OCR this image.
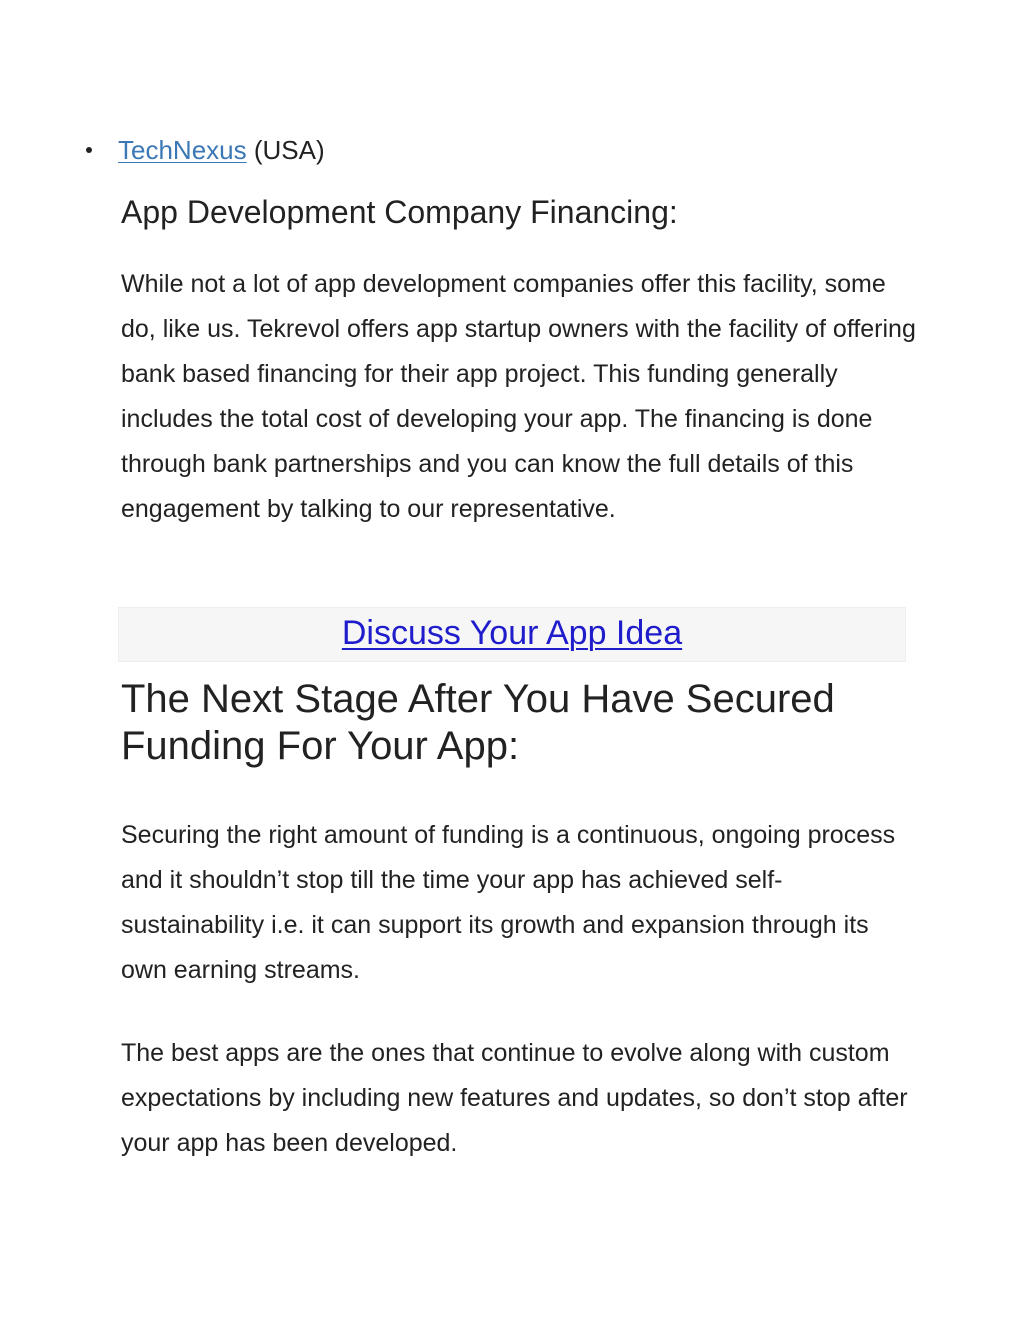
TechNexus (USA)
App Development Company Financing:

While not a lot of app development companies offer this facility, some do, like us. Tekrevol offers app startup owners with the facility of offering bank based financing for their app project. This funding generally includes the total cost of developing your app. The financing is done through bank partnerships and you can know the full details of this engagement by talking to our representative.

Discuss Your App Idea
The Next Stage After You Have Secured Funding For Your App:

Securing the right amount of funding is a continuous, ongoing process and it shouldn’t stop till the time your app has achieved self-sustainability i.e. it can support its growth and expansion through its own earning streams.

The best apps are the ones that continue to evolve along with custom expectations by including new features and updates, so don’t stop after your app has been developed.
